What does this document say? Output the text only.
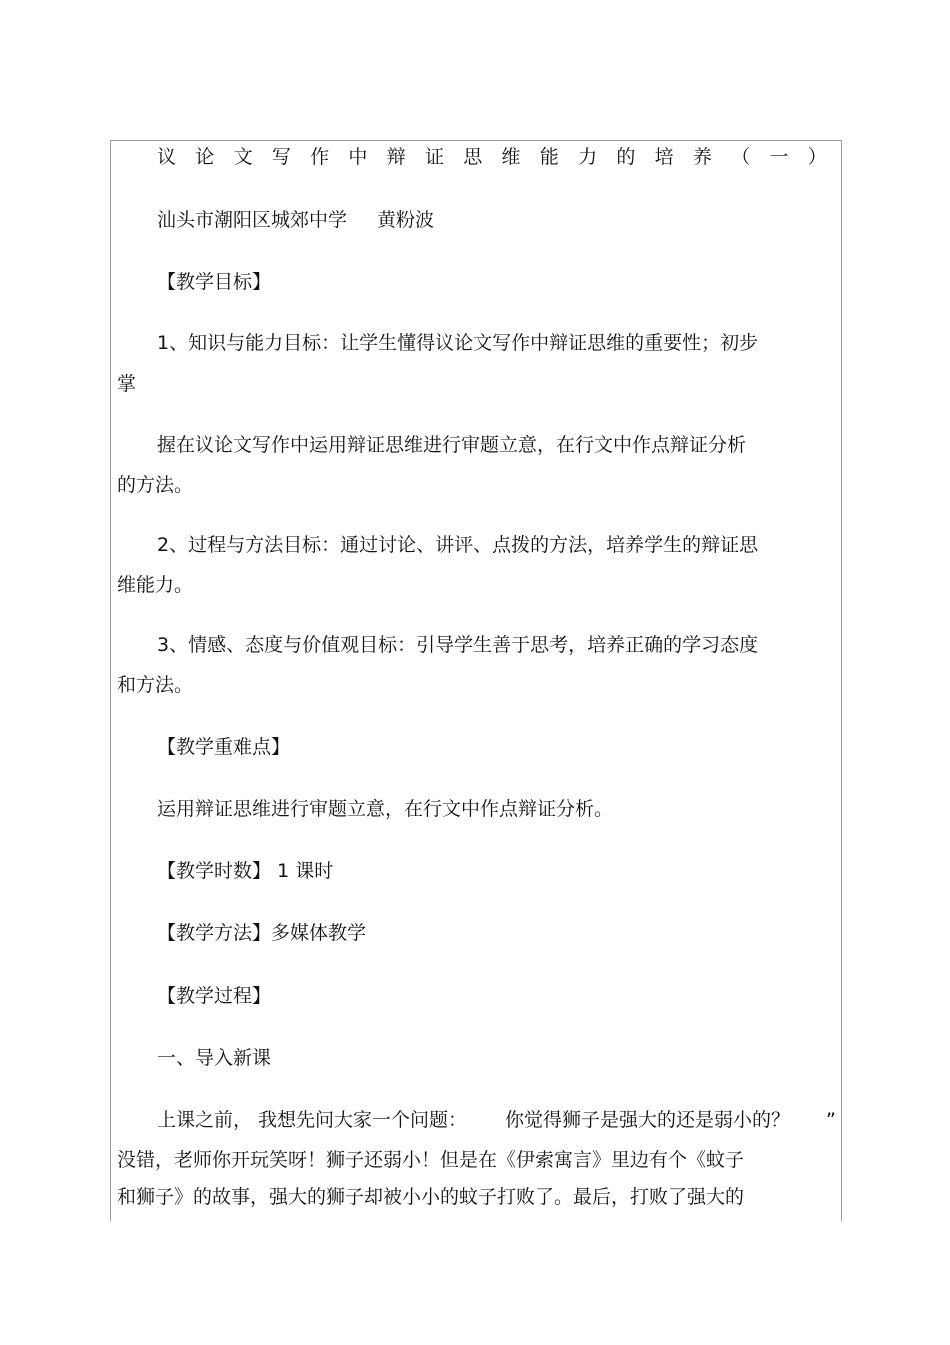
议 论 文 写 作 中 辩 证 思 维 能 力 的 培 养 （ 一 ）
汕头市潮阳区城郊中学 黄粉波
【教学目标】
1、知识与能力目标：让学生懂得议论文写作中辩证思维的重要性；初步
掌
握在议论文写作中运用辩证思维进行审题立意，在行文中作点辩证分析
的方法。
2、过程与方法目标：通过讨论、讲评、点拨的方法，培养学生的辩证思
维能力。
3、情感、态度与价值观目标：引导学生善于思考，培养正确的学习态度
和方法。
【教学重难点】
运用辩证思维进行审题立意，在行文中作点辩证分析。
【教学时数】 1 课时
【教学方法】多媒体教学
【教学过程】
一、导入新课
上课之前， 我想先问大家一个问题： 你觉得狮子是强大的还是弱小的？ ”
没错，老师你开玩笑呀！狮子还弱小！但是在《伊索寓言》里边有个《蚊子
和狮子》的故事，强大的狮子却被小小的蚊子打败了。最后，打败了强大的
